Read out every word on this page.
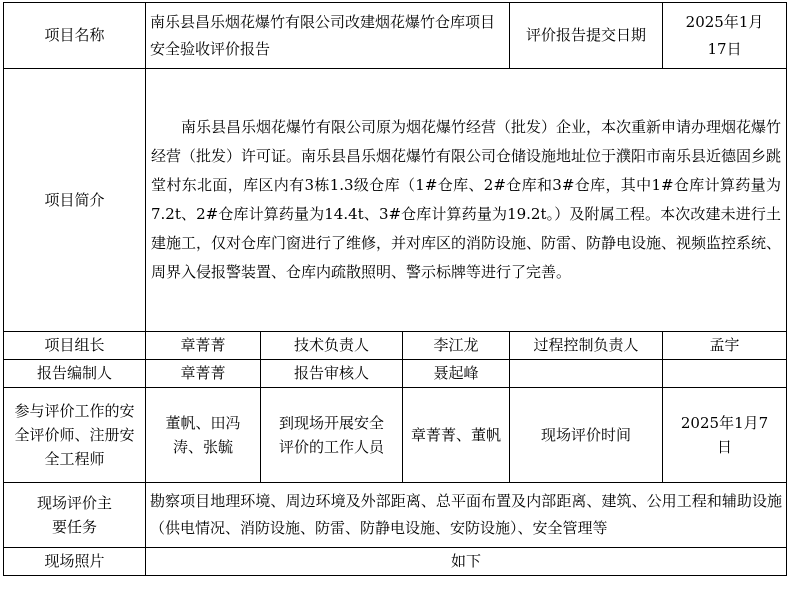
项目名称	南乐县昌乐烟花爆竹有限公司改建烟花爆竹仓库项目安全验收评价报告			评价报告提交日期	2025年1月17日
项目简介	南乐县昌乐烟花爆竹有限公司原为烟花爆竹经营（批发）企业，本次重新申请办理烟花爆竹经营（批发）许可证。南乐县昌乐烟花爆竹有限公司仓储设施地址位于濮阳市南乐县近德固乡跳堂村东北面，库区内有3栋1.3级仓库（1#仓库、2#仓库和3#仓库，其中1#仓库计算药量为7.2t、2#仓库计算药量为14.4t、3#仓库计算药量为19.2t。）及附属工程。本次改建未进行土建施工，仅对仓库门窗进行了维修，并对库区的消防设施、防雷、防静电设施、视频监控系统、周界入侵报警装置、仓库内疏散照明、警示标牌等进行了完善。				

项目组长	章菁菁	技术负责人	李江龙	过程控制负责人	孟宇
报告编制人	章菁菁	报告审核人	聂起峰		
参与评价工作的安全评价师、注册安全工程师	董帆、田冯涛、张毓	到现场开展安全评价的工作人员	章菁菁、董帆	现场评价时间	2025年1月7日
现场评价主要任务	勘察项目地理环境、周边环境及外部距离、总平面布置及内部距离、建筑、公用工程和辅助设施（供电情况、消防设施、防雷、防静电设施、安防设施）、安全管理等				
现场照片	如下				
